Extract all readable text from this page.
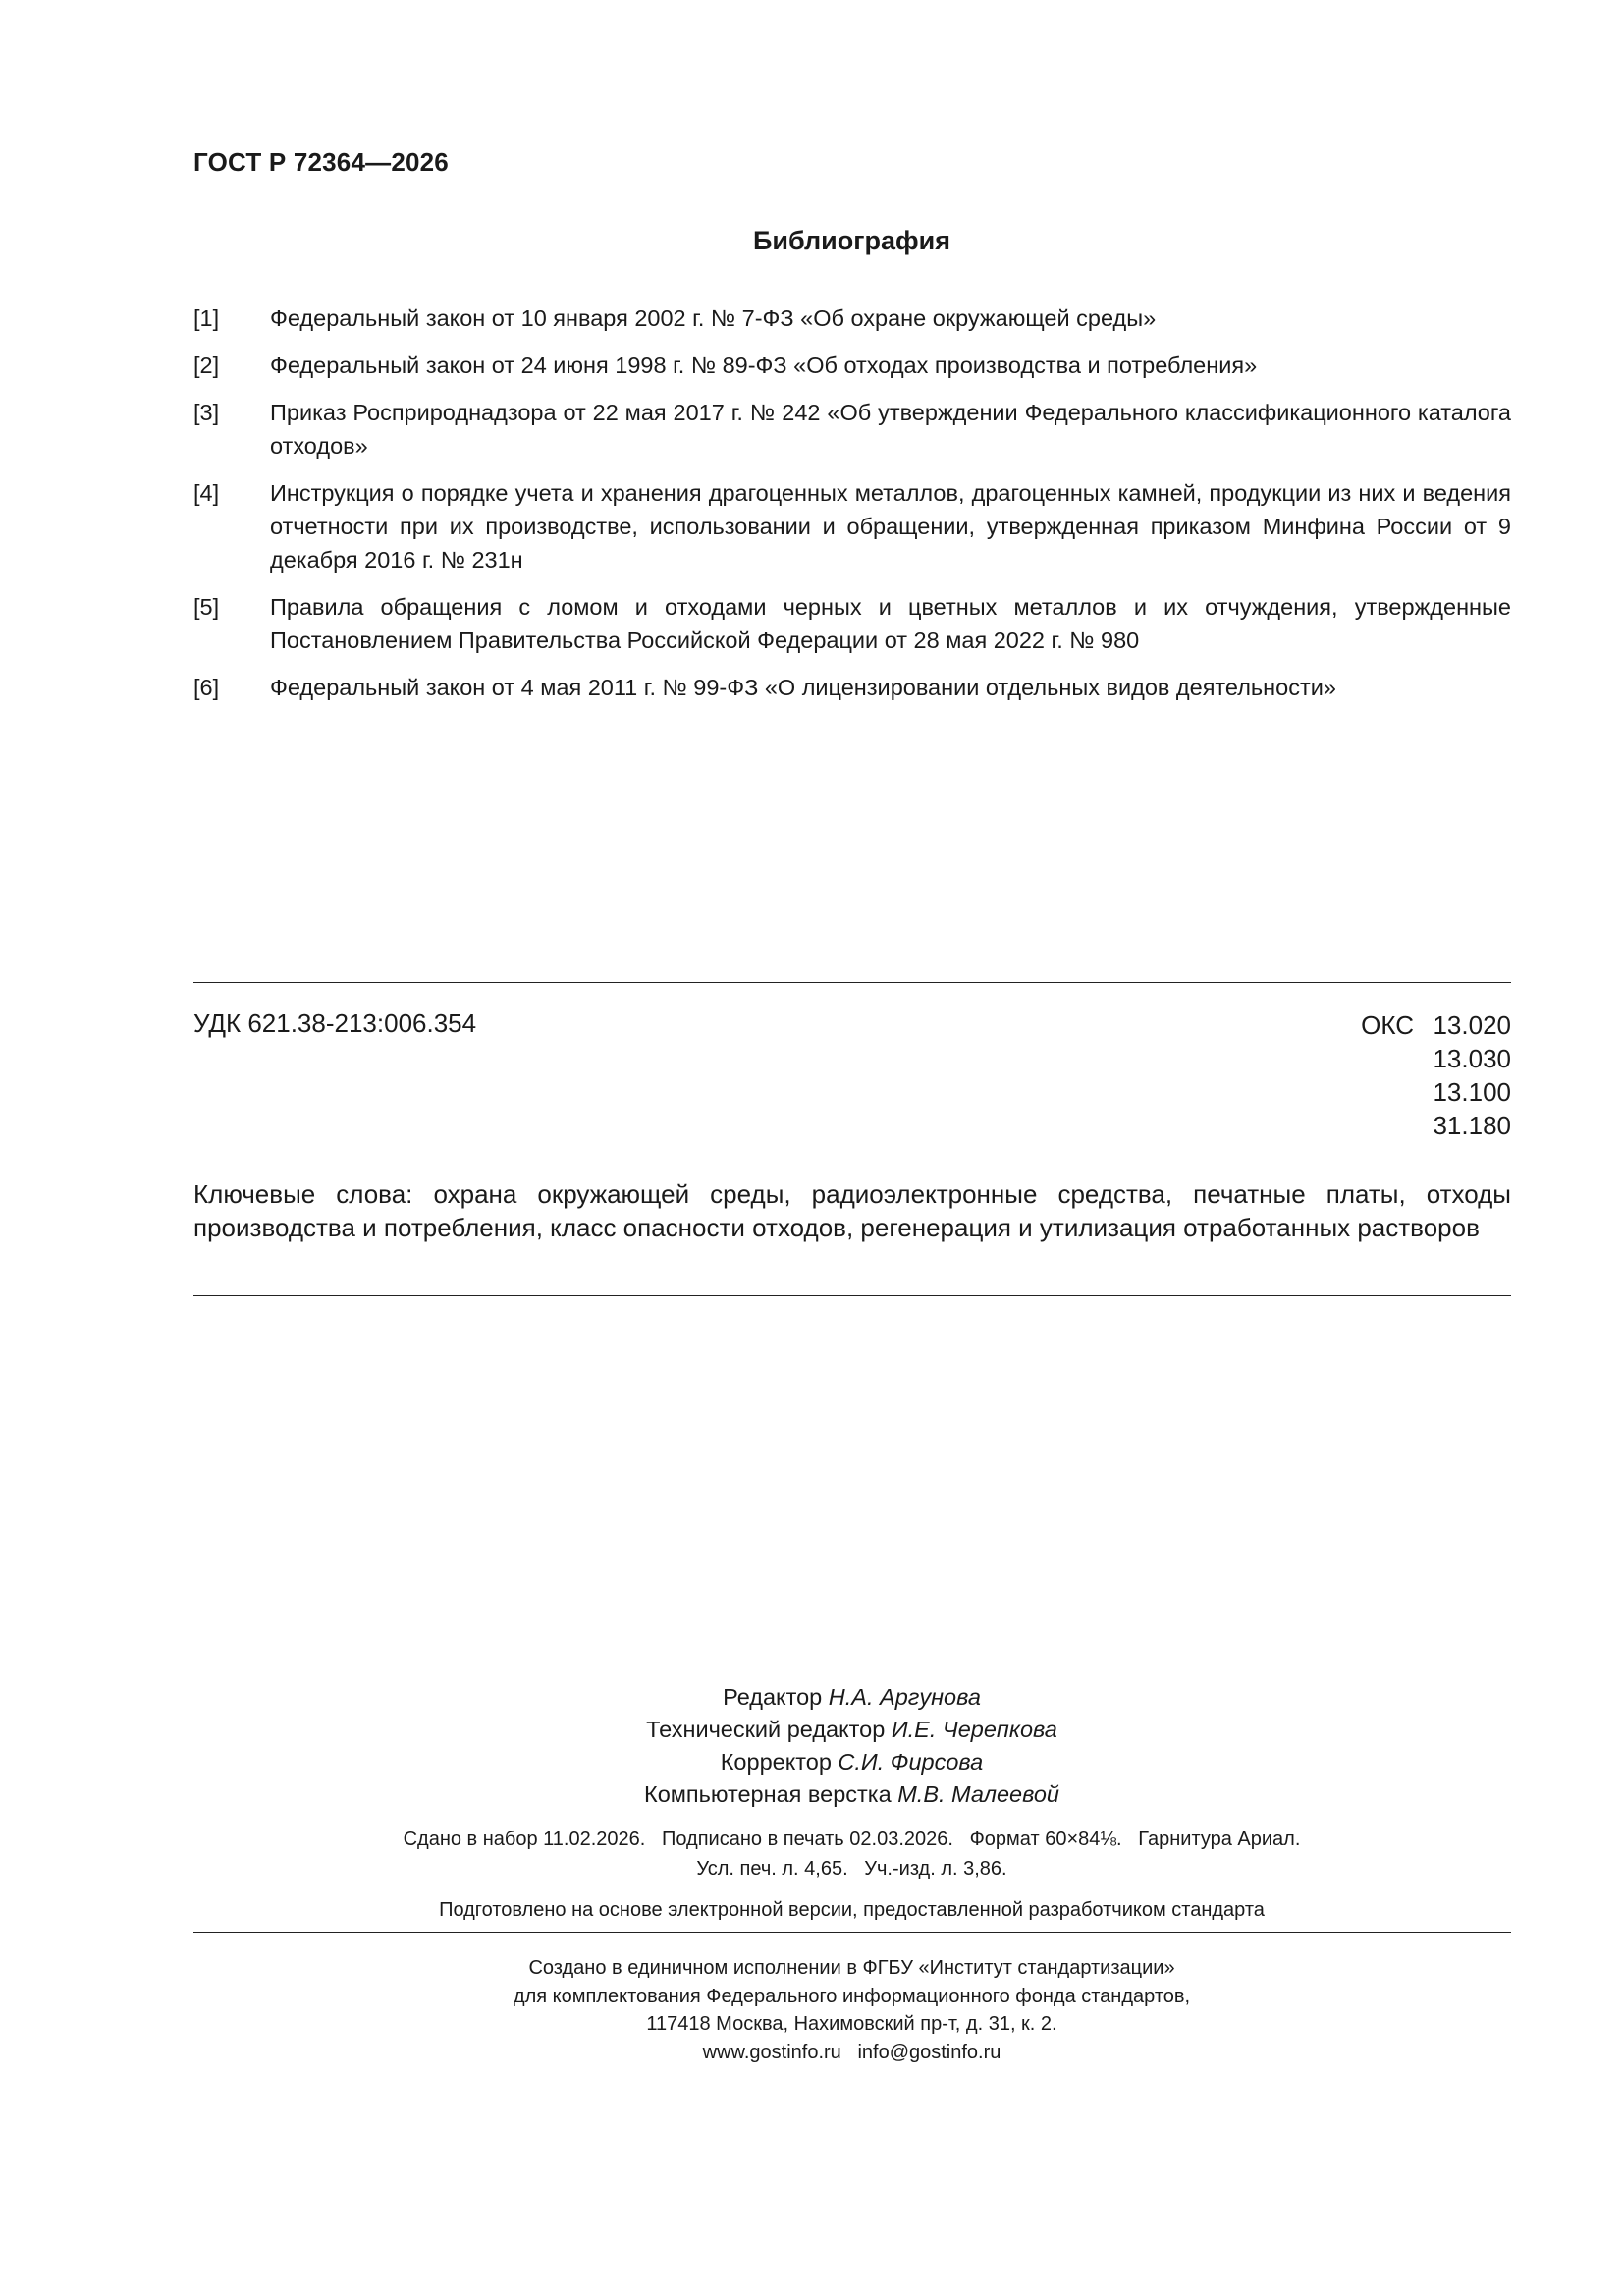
ГОСТ Р 72364—2026
Библиография
[1]	Федеральный закон от 10 января 2002 г. № 7-ФЗ «Об охране окружающей среды»
[2]	Федеральный закон от 24 июня 1998 г. № 89-ФЗ «Об отходах производства и потребления»
[3]	Приказ Росприроднадзора от 22 мая 2017 г. № 242 «Об утверждении Федерального классификационного каталога отходов»
[4]	Инструкция о порядке учета и хранения драгоценных металлов, драгоценных камней, продукции из них и ведения отчетности при их производстве, использовании и обращении, утвержденная приказом Минфина России от 9 декабря 2016 г. № 231н
[5]	Правила обращения с ломом и отходами черных и цветных металлов и их отчуждения, утвержденные Постановлением Правительства Российской Федерации от 28 мая 2022 г. № 980
[6]	Федеральный закон от 4 мая 2011 г. № 99-ФЗ «О лицензировании отдельных видов деятельности»
УДК 621.38-213:006.354	ОКС 13.020
13.030
13.100
31.180
Ключевые слова: охрана окружающей среды, радиоэлектронные средства, печатные платы, отходы производства и потребления, класс опасности отходов, регенерация и утилизация отработанных растворов
Редактор Н.А. Аргунова
Технический редактор И.Е. Черепкова
Корректор С.И. Фирсова
Компьютерная верстка М.В. Малеевой
Сдано в набор 11.02.2026.   Подписано в печать 02.03.2026.   Формат 60×84⅛.   Гарнитура Ариал.
Усл. печ. л. 4,65.   Уч.-изд. л. 3,86.
Подготовлено на основе электронной версии, предоставленной разработчиком стандарта
Создано в единичном исполнении в ФГБУ «Институт стандартизации»
для комплектования Федерального информационного фонда стандартов,
117418 Москва, Нахимовский пр-т, д. 31, к. 2.
www.gostinfo.ru   info@gostinfo.ru
